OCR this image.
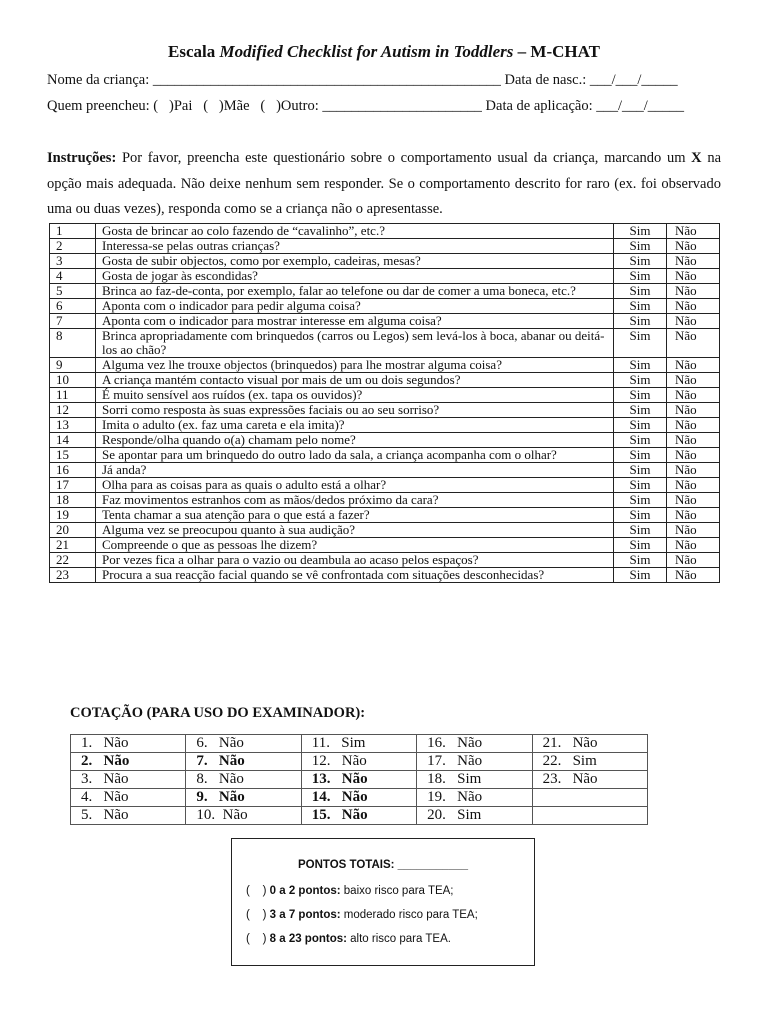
Escala Modified Checklist for Autism in Toddlers – M-CHAT
Nome da criança: ________________________________________________ Data de nasc.: ___/___/_____
Quem preencheu: (   )Pai   (   )Mãe   (   )Outro: ______________________ Data de aplicação: ___/___/_____
Instruções: Por favor, preencha este questionário sobre o comportamento usual da criança, marcando um X na opção mais adequada. Não deixe nenhum sem responder. Se o comportamento descrito for raro (ex. foi observado uma ou duas vezes), responda como se a criança não o apresentasse.
1	Gosta de brincar ao colo fazendo de “cavalinho”, etc.?	Sim	Não
2	Interessa-se pelas outras crianças?	Sim	Não
3	Gosta de subir objectos, como por exemplo, cadeiras, mesas?	Sim	Não
4	Gosta de jogar às escondidas?	Sim	Não
5	Brinca ao faz-de-conta, por exemplo, falar ao telefone ou dar de comer a uma boneca, etc.?	Sim	Não
6	Aponta com o indicador para pedir alguma coisa?	Sim	Não
7	Aponta com o indicador para mostrar interesse em alguma coisa?	Sim	Não
8	Brinca apropriadamente com brinquedos (carros ou Legos) sem levá-los à boca, abanar ou deitá-los ao chão?	Sim	Não
9	Alguma vez lhe trouxe objectos (brinquedos) para lhe mostrar alguma coisa?	Sim	Não
10	A criança mantém contacto visual por mais de um ou dois segundos?	Sim	Não
11	É muito sensível aos ruídos (ex. tapa os ouvidos)?	Sim	Não
12	Sorri como resposta às suas expressões faciais ou ao seu sorriso?	Sim	Não
13	Imita o adulto (ex. faz uma careta e ela imita)?	Sim	Não
14	Responde/olha quando o(a) chamam pelo nome?	Sim	Não
15	Se apontar para um brinquedo do outro lado da sala, a criança acompanha com o olhar?	Sim	Não
16	Já anda?	Sim	Não
17	Olha para as coisas para as quais o adulto está a olhar?	Sim	Não
18	Faz movimentos estranhos com as mãos/dedos próximo da cara?	Sim	Não
19	Tenta chamar a sua atenção para o que está a fazer?	Sim	Não
20	Alguma vez se preocupou quanto à sua audição?	Sim	Não
21	Compreende o que as pessoas lhe dizem?	Sim	Não
22	Por vezes fica a olhar para o vazio ou deambula ao acaso pelos espaços?	Sim	Não
23	Procura a sua reacção facial quando se vê confrontada com situações desconhecidas?	Sim	Não
COTAÇÃO (PARA USO DO EXAMINADOR):
1.   Não	6.   Não	11.   Sim	16.   Não	21.   Não
2.   Não	7.   Não	12.   Não	17.   Não	22.   Sim
3.   Não	8.   Não	13.   Não	18.   Sim	23.   Não
4.   Não	9.   Não	14.   Não	19.   Não	
5.   Não	10.  Não	15.   Não	20.   Sim	
PONTOS TOTAIS: ___________
(    ) 0 a 2 pontos: baixo risco para TEA;
(    ) 3 a 7 pontos: moderado risco para TEA;
(    ) 8 a 23 pontos: alto risco para TEA.
